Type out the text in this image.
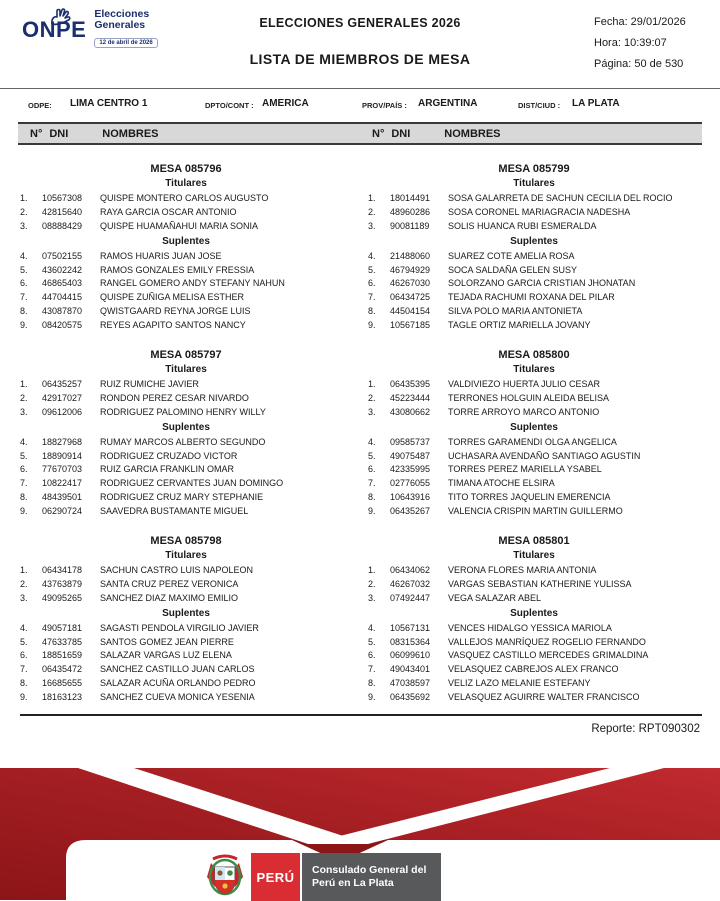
ONPE
Elecciones
Generales
12 de abril de 2026
ELECCIONES GENERALES 2026
LISTA DE MIEMBROS DE MESA
Fecha: 29/01/2026
Hora: 10:39:07
Página: 50 de 530
ODPE: LIMA CENTRO 1	DPTO/CONT : AMERICA	PROV/PAÍS : ARGENTINA	DIST/CIUD : LA PLATA
N° DNI	NOMBRES	N° DNI	NOMBRES
MESA 085796
Titulares
1.	10567308	QUISPE MONTERO CARLOS AUGUSTO
2.	42815640	RAYA GARCIA OSCAR ANTONIO
3.	08888429	QUISPE HUAMAÑAHUI MARIA SONIA
Suplentes
4.	07502155	RAMOS HUARIS JUAN JOSE
5.	43602242	RAMOS GONZALES EMILY FRESSIA
6.	46865403	RANGEL GOMERO ANDY STEFANY NAHUN
7.	44704415	QUISPE ZUÑIGA MELISA ESTHER
8.	43087870	QWISTGAARD REYNA JORGE LUIS
9.	08420575	REYES AGAPITO SANTOS NANCY
MESA 085797
Titulares
1.	06435257	RUIZ RUMICHE JAVIER
2.	42917027	RONDON PEREZ CESAR NIVARDO
3.	09612006	RODRIGUEZ PALOMINO HENRY WILLY
Suplentes
4.	18827968	RUMAY MARCOS ALBERTO SEGUNDO
5.	18890914	RODRIGUEZ CRUZADO VICTOR
6.	77670703	RUIZ GARCIA FRANKLIN OMAR
7.	10822417	RODRIGUEZ CERVANTES JUAN DOMINGO
8.	48439501	RODRIGUEZ CRUZ MARY STEPHANIE
9.	06290724	SAAVEDRA BUSTAMANTE MIGUEL
MESA 085798
Titulares
1.	06434178	SACHUN CASTRO LUIS NAPOLEON
2.	43763879	SANTA CRUZ PEREZ VERONICA
3.	49095265	SANCHEZ DIAZ MAXIMO EMILIO
Suplentes
4.	49057181	SAGASTI PENDOLA VIRGILIO JAVIER
5.	47633785	SANTOS GOMEZ JEAN PIERRE
6.	18851659	SALAZAR VARGAS LUZ ELENA
7.	06435472	SANCHEZ CASTILLO JUAN CARLOS
8.	16685655	SALAZAR ACUÑA ORLANDO PEDRO
9.	18163123	SANCHEZ CUEVA MONICA YESENIA
MESA 085799
Titulares
1.	18014491	SOSA GALARRETA DE SACHUN CECILIA DEL ROCIO
2.	48960286	SOSA CORONEL MARIAGRACIA NADESHA
3.	90081189	SOLIS HUANCA RUBI ESMERALDA
Suplentes
4.	21488060	SUAREZ COTE AMELIA ROSA
5.	46794929	SOCA SALDAÑA GELEN SUSY
6.	46267030	SOLORZANO GARCIA CRISTIAN JHONATAN
7.	06434725	TEJADA RACHUMI ROXANA DEL PILAR
8.	44504154	SILVA POLO MARIA ANTONIETA
9.	10567185	TAGLE ORTIZ MARIELLA JOVANY
MESA 085800
Titulares
1.	06435395	VALDIVIEZO HUERTA JULIO CESAR
2.	45223444	TERRONES HOLGUIN ALEIDA BELISA
3.	43080662	TORRE ARROYO MARCO ANTONIO
Suplentes
4.	09585737	TORRES GARAMENDI OLGA ANGELICA
5.	49075487	UCHASARA AVENDAÑO SANTIAGO AGUSTIN
6.	42335995	TORRES PEREZ MARIELLA YSABEL
7.	02776055	TIMANA ATOCHE ELSIRA
8.	10643916	TITO TORRES JAQUELIN EMERENCIA
9.	06435267	VALENCIA CRISPIN MARTIN GUILLERMO
MESA 085801
Titulares
1.	06434062	VERONA FLORES MARIA ANTONIA
2.	46267032	VARGAS SEBASTIAN KATHERINE YULISSA
3.	07492447	VEGA SALAZAR ABEL
Suplentes
4.	10567131	VENCES HIDALGO YESSICA MARIOLA
5.	08315364	VALLEJOS MANRÍQUEZ ROGELIO FERNANDO
6.	06099610	VASQUEZ CASTILLO MERCEDES GRIMALDINA
7.	49043401	VELASQUEZ CABREJOS ALEX FRANCO
8.	47038597	VELIZ LAZO MELANIE ESTEFANY
9.	06435692	VELASQUEZ AGUIRRE WALTER FRANCISCO
Reporte: RPT090302
PERÚ	Consulado General del
Perú en La Plata
